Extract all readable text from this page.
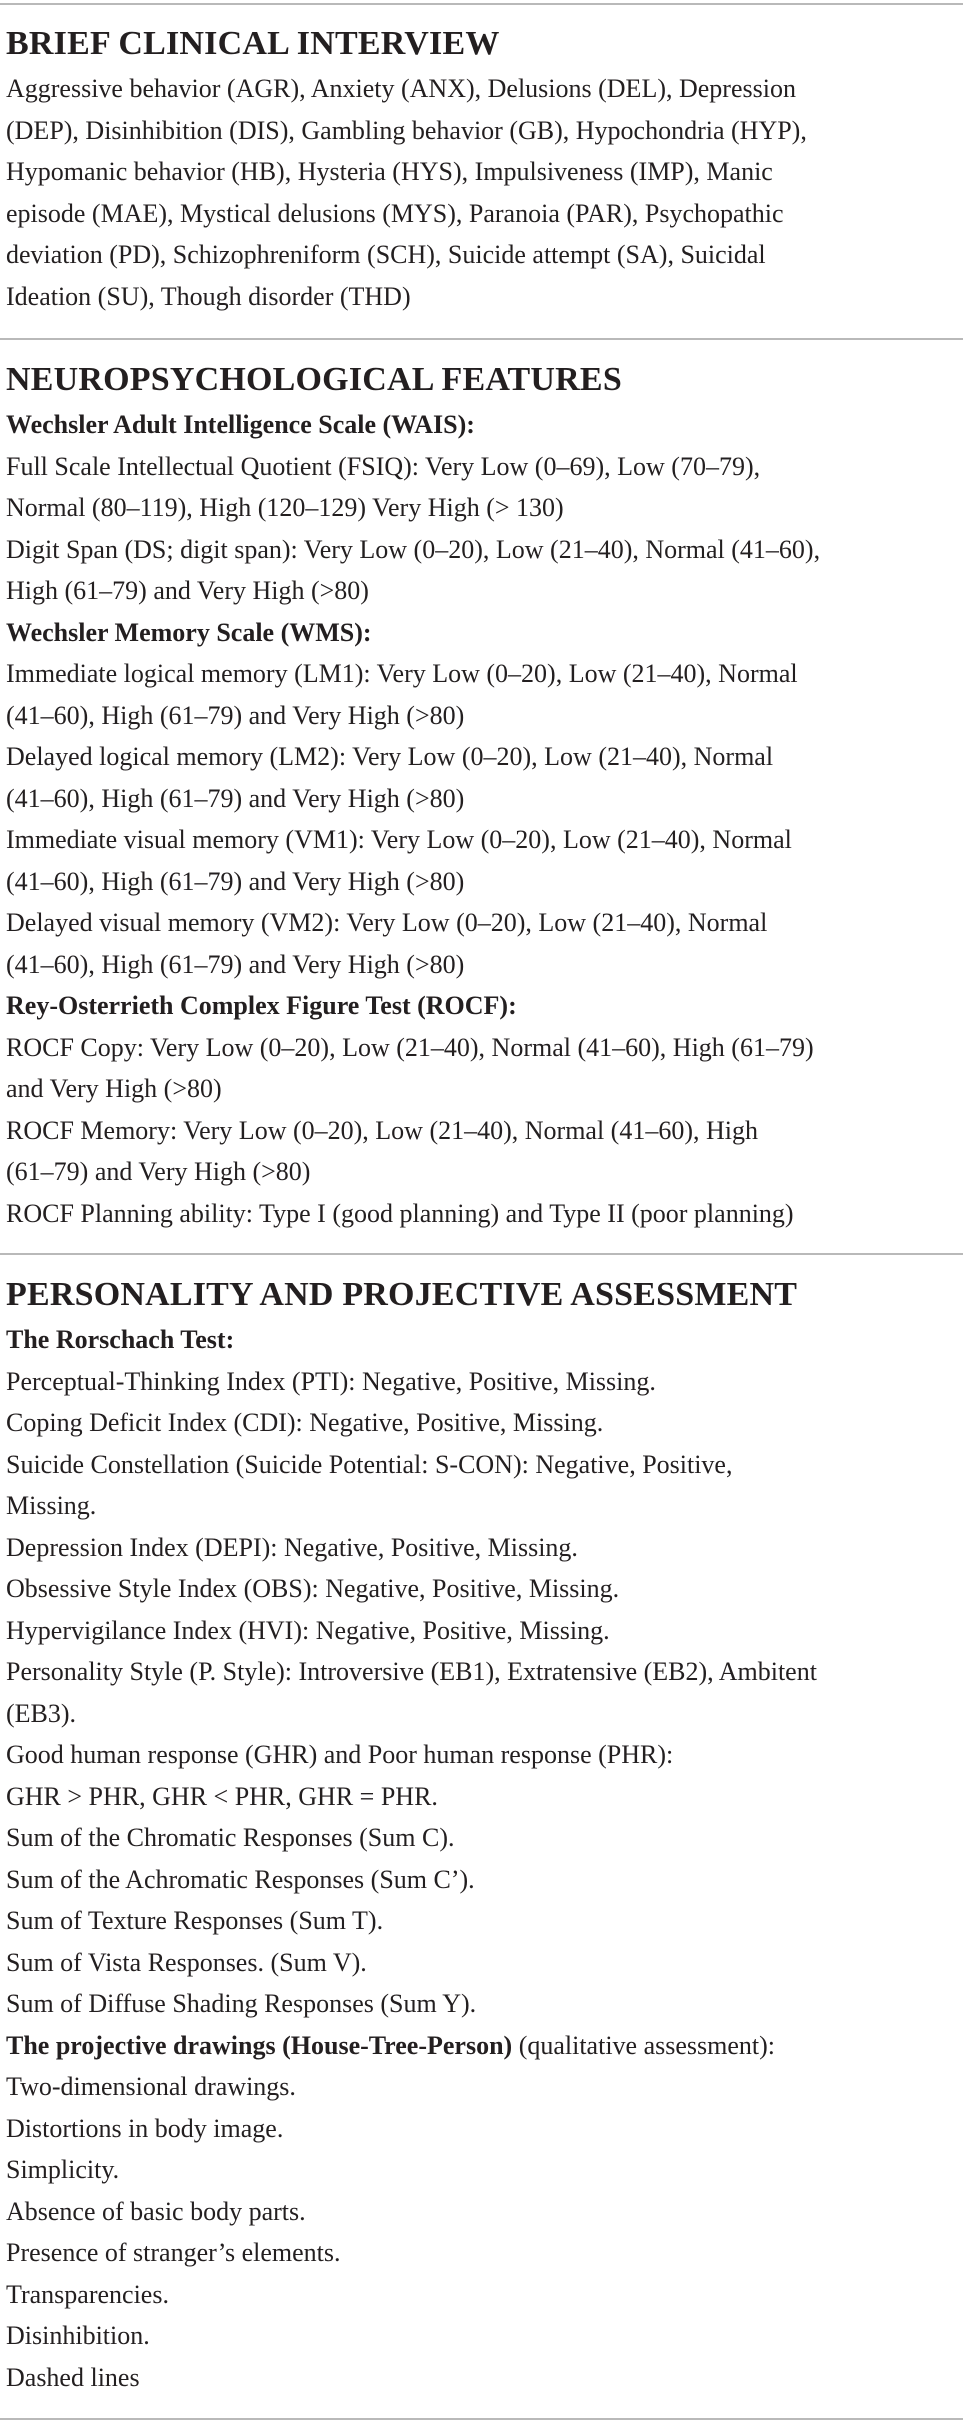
BRIEF CLINICAL INTERVIEW
Aggressive behavior (AGR), Anxiety (ANX), Delusions (DEL), Depression
(DEP), Disinhibition (DIS), Gambling behavior (GB), Hypochondria (HYP),
Hypomanic behavior (HB), Hysteria (HYS), Impulsiveness (IMP), Manic
episode (MAE), Mystical delusions (MYS), Paranoia (PAR), Psychopathic
deviation (PD), Schizophreniform (SCH), Suicide attempt (SA), Suicidal
Ideation (SU), Though disorder (THD)
NEUROPSYCHOLOGICAL FEATURES
Wechsler Adult Intelligence Scale (WAIS):
Full Scale Intellectual Quotient (FSIQ): Very Low (0–69), Low (70–79),
Normal (80–119), High (120–129) Very High (> 130)
Digit Span (DS; digit span): Very Low (0–20), Low (21–40), Normal (41–60),
High (61–79) and Very High (>80)
Wechsler Memory Scale (WMS):
Immediate logical memory (LM1): Very Low (0–20), Low (21–40), Normal
(41–60), High (61–79) and Very High (>80)
Delayed logical memory (LM2): Very Low (0–20), Low (21–40), Normal
(41–60), High (61–79) and Very High (>80)
Immediate visual memory (VM1): Very Low (0–20), Low (21–40), Normal
(41–60), High (61–79) and Very High (>80)
Delayed visual memory (VM2): Very Low (0–20), Low (21–40), Normal
(41–60), High (61–79) and Very High (>80)
Rey-Osterrieth Complex Figure Test (ROCF):
ROCF Copy: Very Low (0–20), Low (21–40), Normal (41–60), High (61–79)
and Very High (>80)
ROCF Memory: Very Low (0–20), Low (21–40), Normal (41–60), High
(61–79) and Very High (>80)
ROCF Planning ability: Type I (good planning) and Type II (poor planning)
PERSONALITY AND PROJECTIVE ASSESSMENT
The Rorschach Test:
Perceptual-Thinking Index (PTI): Negative, Positive, Missing.
Coping Deficit Index (CDI): Negative, Positive, Missing.
Suicide Constellation (Suicide Potential: S-CON): Negative, Positive,
Missing.
Depression Index (DEPI): Negative, Positive, Missing.
Obsessive Style Index (OBS): Negative, Positive, Missing.
Hypervigilance Index (HVI): Negative, Positive, Missing.
Personality Style (P. Style): Introversive (EB1), Extratensive (EB2), Ambitent
(EB3).
Good human response (GHR) and Poor human response (PHR):
GHR > PHR, GHR < PHR, GHR = PHR.
Sum of the Chromatic Responses (Sum C).
Sum of the Achromatic Responses (Sum C’).
Sum of Texture Responses (Sum T).
Sum of Vista Responses. (Sum V).
Sum of Diffuse Shading Responses (Sum Y).
The projective drawings (House-Tree-Person) (qualitative assessment):
Two-dimensional drawings.
Distortions in body image.
Simplicity.
Absence of basic body parts.
Presence of stranger’s elements.
Transparencies.
Disinhibition.
Dashed lines
